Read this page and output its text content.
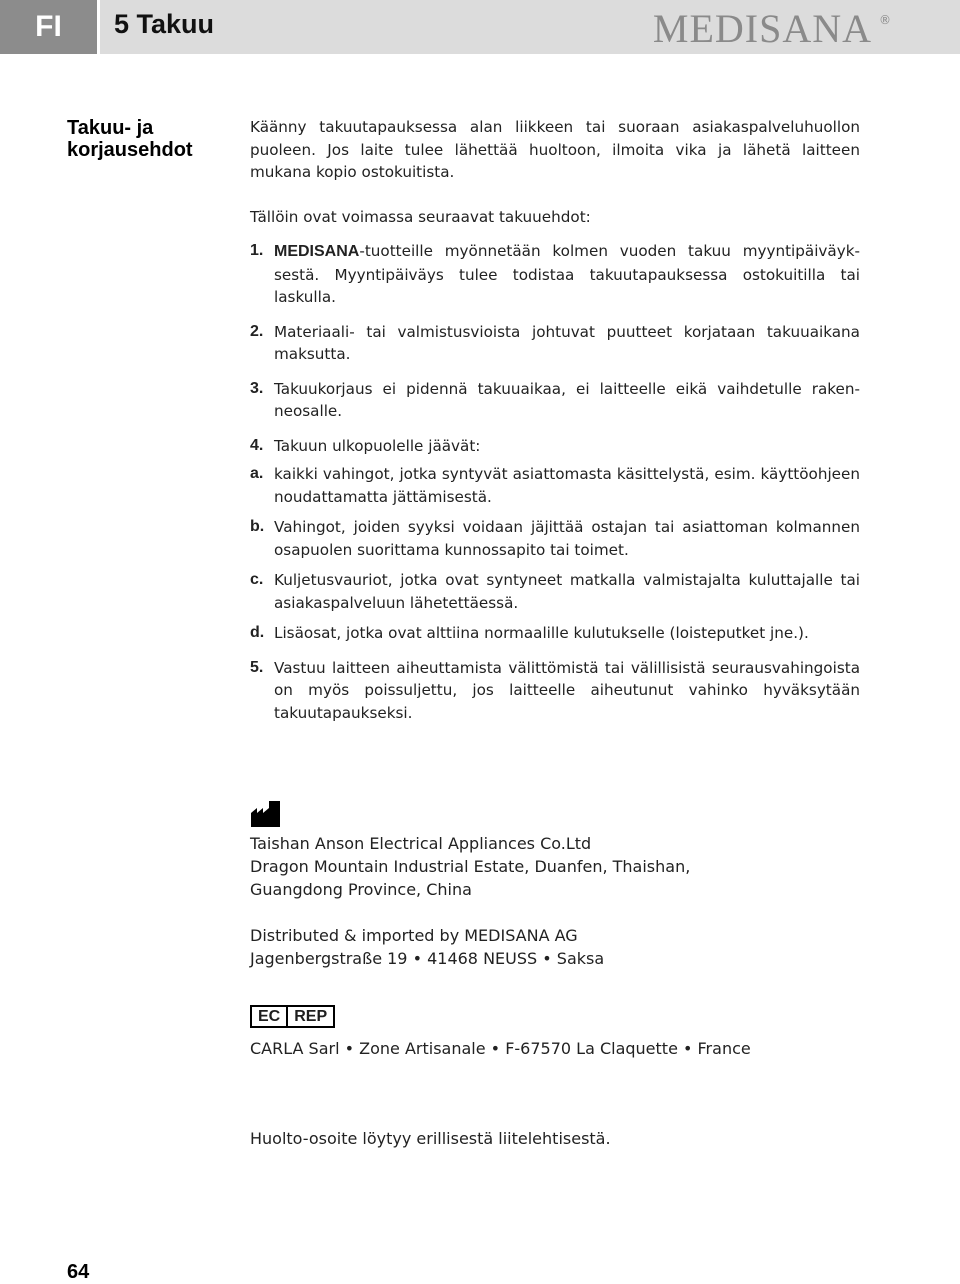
FI	5 Takuu	MEDISANA ®
Takuu- ja korjausehdot

Käänny takuutapauksessa alan liikkeen tai suoraan asiakaspalveluhuollon puoleen. Jos laite tulee lähettää huoltoon, ilmoita vika ja lähetä laitteen mukana kopio ostokuitista.

Tällöin ovat voimassa seuraavat takuuehdot:

1. MEDISANA-tuotteille myönnetään kolmen vuoden takuu myyntipäiväyksestä. Myyntipäiväys tulee todistaa takuutapauksessa ostokuitilla tai laskulla.
2. Materiaali- tai valmistusvioista johtuvat puutteet korjataan takuuaikana maksutta.
3. Takuukorjaus ei pidennä takuuaikaa, ei laitteelle eikä vaihdetulle rakenneosalle.
4. Takuun ulkopuolelle jäävät:
a. kaikki vahingot, jotka syntyvät asiattomasta käsittelystä, esim. käyttöohjeen noudattamatta jättämisestä.
b. Vahingot, joiden syyksi voidaan jäjittää ostajan tai asiattoman kolmannen osapuolen suorittama kunnossapito tai toimet.
c. Kuljetusvauriot, jotka ovat syntyneet matkalla valmistajalta kuluttajalle tai asiakaspalveluun lähetettäessä.
d. Lisäosat, jotka ovat alttiina normaalille kulutukselle (loisteputket jne.).
5. Vastuu laitteen aiheuttamista välittömistä tai välillisistä seurausvahingoista on myös poissuljettu, jos laitteelle aiheutunut vahinko hyväksytään takuutapaukseksi.
Taishan Anson Electrical Appliances Co.Ltd
Dragon Mountain Industrial Estate, Duanfen, Thaishan,
Guangdong Province, China
Distributed & imported by MEDISANA AG
Jagenbergstraße 19 • 41468 NEUSS • Saksa
EC REP
CARLA Sarl • Zone Artisanale • F-67570 La Claquette • France
Huolto-osoite löytyy erillisestä liitelehtisestä.
64
